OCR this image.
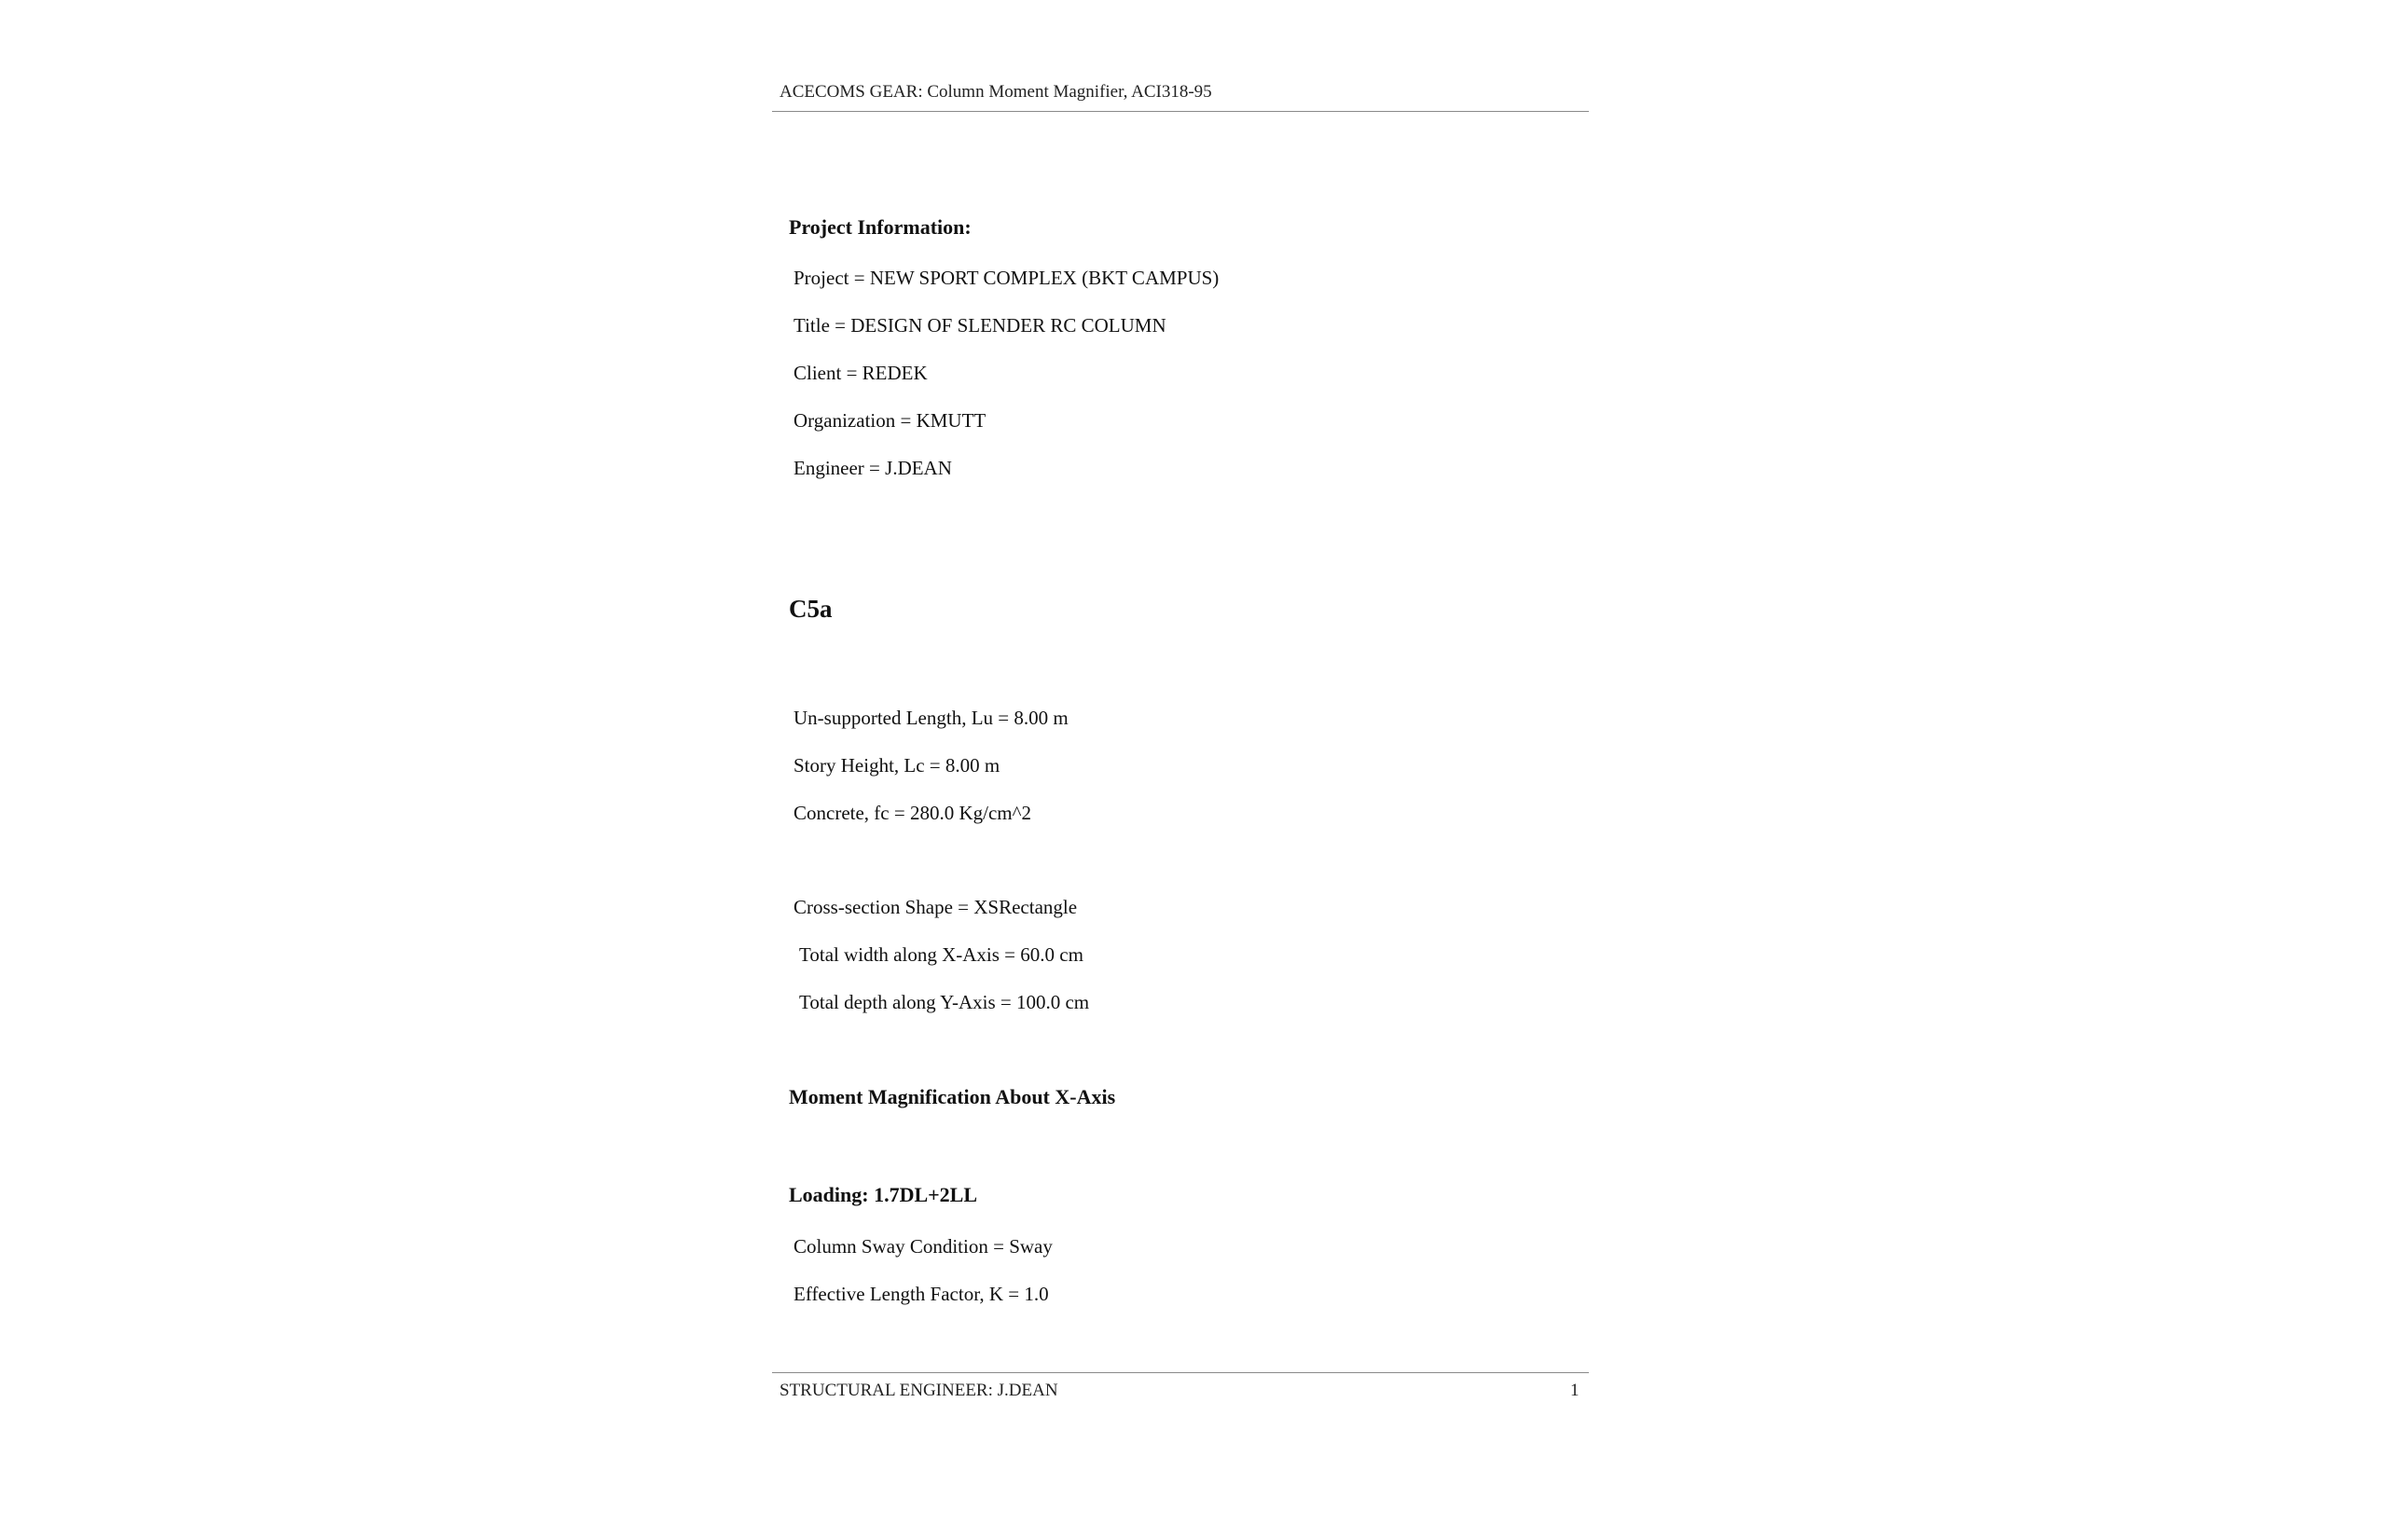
ACECOMS GEAR: Column Moment Magnifier, ACI318-95
Project Information:
Project = NEW SPORT COMPLEX (BKT CAMPUS)
Title = DESIGN OF SLENDER RC COLUMN
Client = REDEK
Organization = KMUTT
Engineer = J.DEAN
C5a
Un-supported Length, Lu = 8.00 m
Story Height, Lc = 8.00 m
Concrete, fc = 280.0 Kg/cm^2
Cross-section Shape = XSRectangle
Total width along X-Axis = 60.0 cm
Total depth along Y-Axis = 100.0 cm
Moment Magnification About X-Axis
Loading: 1.7DL+2LL
Column Sway Condition = Sway
Effective Length Factor, K = 1.0
STRUCTURAL ENGINEER: J.DEAN	1
